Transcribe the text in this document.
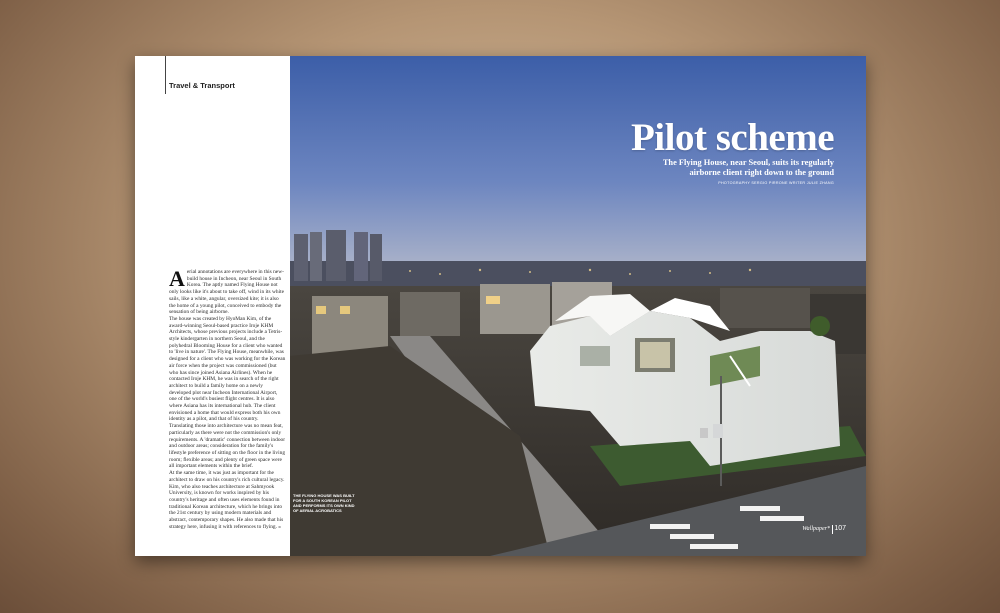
Travel & Transport
A erial annotations are everywhere in this new-build house in Incheon, near Seoul in South Korea. The aptly named Flying House not only looks like it's about to take off, wind in its white sails, like a white, angular, oversized kite; it is also the home of a young pilot, conceived to embody the sensation of being airborne.

The house was created by HyoMan Kim, of the award-winning Seoul-based practice Iroje KHM Architects, whose previous projects include a Tetris-style kindergarten in northern Seoul, and the polyhedral Blooming House for a client who wanted to 'live in nature'. The Flying House, meanwhile, was designed for a client who was working for the Korean air force when the project was commissioned (but who has since joined Asiana Airlines). When he contacted Iroje KHM, he was in search of the right architect to build a family home on a newly developed plot near Incheon International Airport, one of the world's busiest flight centres. It is also where Asiana has its international hub. The client envisioned a home that would express both his own identity as a pilot, and that of his country.

Translating those into architecture was no mean feat, particularly as there were not the commission's only requirements. A 'dramatic' connection between indoor and outdoor areas; consideration for the family's lifestyle preference of sitting on the floor in the living room; flexible areas; and plenty of green space were all important elements within the brief.

At the same time, it was just as important for the architect to draw on his country's rich cultural legacy. Kim, who also teaches architecture at Sahmyook University, is known for works inspired by his country's heritage and often uses elements found in traditional Korean architecture, which he brings into the 21st century by using modern materials and abstract, contemporary shapes. He also made that his strategy here, infusing it with references to flying. »

Pilot scheme
The Flying House, near Seoul, suits its regularly airborne client right down to the ground
PHOTOGRAPHY SERGIO PIRRONE WRITER JULIE ZHANG
THE FLYING HOUSE WAS BUILT FOR A SOUTH KOREAN PILOT AND PERFORMS ITS OWN KIND OF AERIAL ACROBATICS
Wallpaper* 107
